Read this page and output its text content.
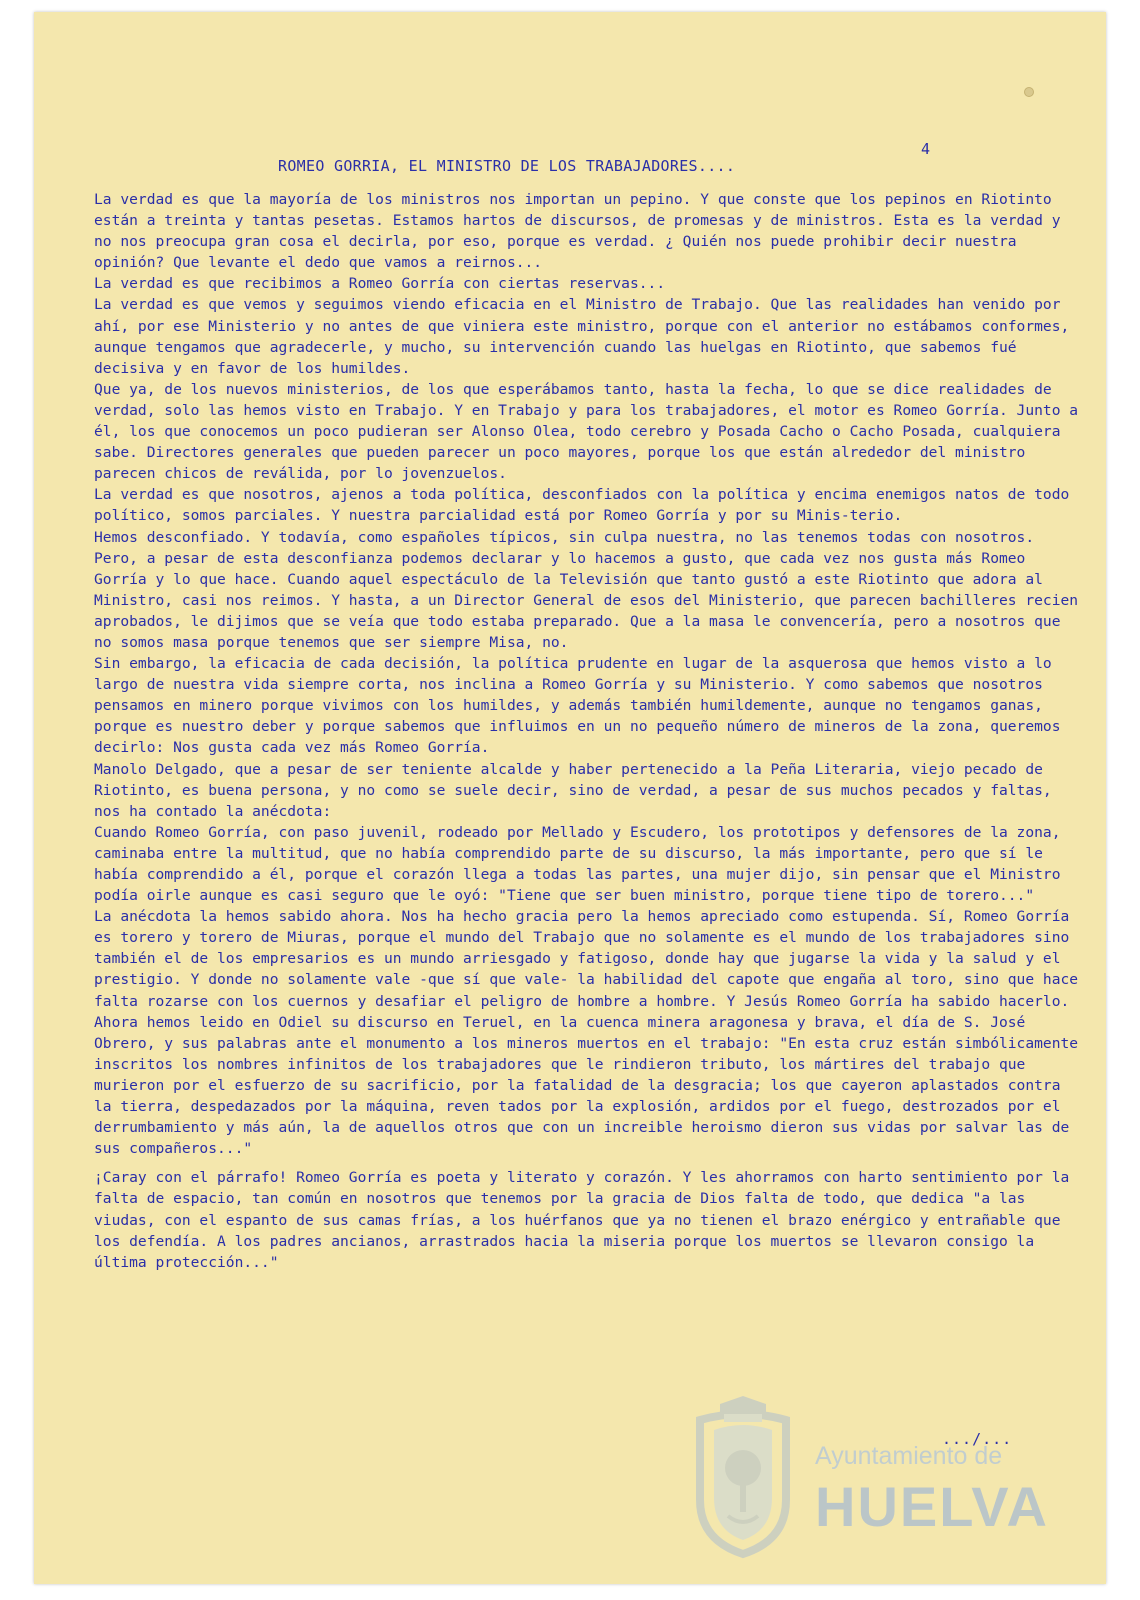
4
ROMEO GORRIA, EL MINISTRO DE LOS TRABAJADORES....

La verdad es que la mayoría de los ministros nos importan un pepino. Y que conste que los pepinos en Riotinto están a treinta y tantas pesetas. Estamos hartos de discursos, de promesas y de ministros. Esta es la verdad y no nos preocupa gran cosa el decirla, por eso, porque es verdad. ¿ Quién nos puede prohibir decir nuestra opinión? Que levante el dedo que vamos a reirnos...

La verdad es que recibimos a Romeo Gorría con ciertas reservas...

La verdad es que vemos y seguimos viendo eficacia en el Ministro de Trabajo. Que las realidades han venido por ahí, por ese Ministerio y no antes de que viniera este ministro, porque con el anterior no estábamos conformes, aunque tengamos que agradecerle, y mucho, su intervención cuando las huelgas en Riotinto, que sabemos fué decisiva y en favor de los humildes.

Que ya, de los nuevos ministerios, de los que esperábamos tanto, hasta la fecha, lo que se dice realidades de verdad, solo las hemos visto en Trabajo. Y en Trabajo y para los trabajadores, el motor es Romeo Gorría. Junto a él, los que conocemos un poco pudieran ser Alonso Olea, todo cerebro y Posada Cacho o Cacho Posada, cualquiera sabe. Directores generales que pueden parecer un poco mayores, porque los que están alrededor del ministro parecen chicos de reválida, por lo jovenzuelos.

La verdad es que nosotros, ajenos a toda política, desconfiados con la política y encima enemigos natos de todo político, somos parciales. Y nuestra parcialidad está por Romeo Gorría y por su Minis-terio.

Hemos desconfiado. Y todavía, como españoles típicos, sin culpa nuestra, no las tenemos todas con nosotros. Pero, a pesar de esta desconfianza podemos declarar y lo hacemos a gusto, que cada vez nos gusta más Romeo Gorría y lo que hace. Cuando aquel espectáculo de la Televisión que tanto gustó a este Riotinto que adora al Ministro, casi nos reimos. Y hasta, a un Director General de esos del Ministerio, que parecen bachilleres recien aprobados, le dijimos que se veía que todo estaba preparado. Que a la masa le convencería, pero a nosotros que no somos masa porque tenemos que ser siempre Misa, no.

Sin embargo, la eficacia de cada decisión, la política prudente en lugar de la asquerosa que hemos visto a lo largo de nuestra vida siempre corta, nos inclina a Romeo Gorría y su Ministerio. Y como sabemos que nosotros pensamos en minero porque vivimos con los humildes, y además también humildemente, aunque no tengamos ganas, porque es nuestro deber y porque sabemos que influimos en un no pequeño número de mineros de la zona, queremos decirlo: Nos gusta cada vez más Romeo Gorría.

Manolo Delgado, que a pesar de ser teniente alcalde y haber pertenecido a la Peña Literaria, viejo pecado de Riotinto, es buena persona, y no como se suele decir, sino de verdad, a pesar de sus muchos pecados y faltas, nos ha contado la anécdota:

Cuando Romeo Gorría, con paso juvenil, rodeado por Mellado y Escudero, los prototipos y defensores de la zona, caminaba entre la multitud, que no había comprendido parte de su discurso, la más importante, pero que sí le había comprendido a él, porque el corazón llega a todas las partes, una mujer dijo, sin pensar que el Ministro podía oirle aunque es casi seguro que le oyó: "Tiene que ser buen ministro, porque tiene tipo de torero..."

La anécdota la hemos sabido ahora. Nos ha hecho gracia pero la hemos apreciado como estupenda. Sí, Romeo Gorría es torero y torero de Miuras, porque el mundo del Trabajo que no solamente es el mundo de los trabajadores sino también el de los empresarios es un mundo arriesgado y fatigoso, donde hay que jugarse la vida y la salud y el prestigio. Y donde no solamente vale -que sí que vale- la habilidad del capote que engaña al toro, sino que hace falta rozarse con los cuernos y desafiar el peligro de hombre a hombre. Y Jesús Romeo Gorría ha sabido hacerlo.

Ahora hemos leido en Odiel su discurso en Teruel, en la cuenca minera aragonesa y brava, el día de S. José Obrero, y sus palabras ante el monumento a los mineros muertos en el trabajo: "En esta cruz están simbólicamente inscritos los nombres infinitos de los trabajadores que le rindieron tributo, los mártires del trabajo que murieron por el esfuerzo de su sacrificio, por la fatalidad de la desgracia; los que cayeron aplastados contra la tierra, despedazados por la máquina, reven tados por la explosión, ardidos por el fuego, destrozados por el derrumbamiento y más aún, la de aquellos otros que con un increible heroismo dieron sus vidas por salvar las de sus compañeros..."

¡Caray con el párrafo! Romeo Gorría es poeta y literato y corazón. Y les ahorramos con harto sentimiento por la falta de espacio, tan común en nosotros que tenemos por la gracia de Dios falta de todo, que dedica "a las viudas, con el espanto de sus camas frías, a los huérfanos que ya no tienen el brazo enérgico y entrañable que los defendía. A los padres ancianos, arrastrados hacia la miseria porque los muertos se llevaron consigo la última protección..."

.../...
Ayuntamiento de
HUELVA
